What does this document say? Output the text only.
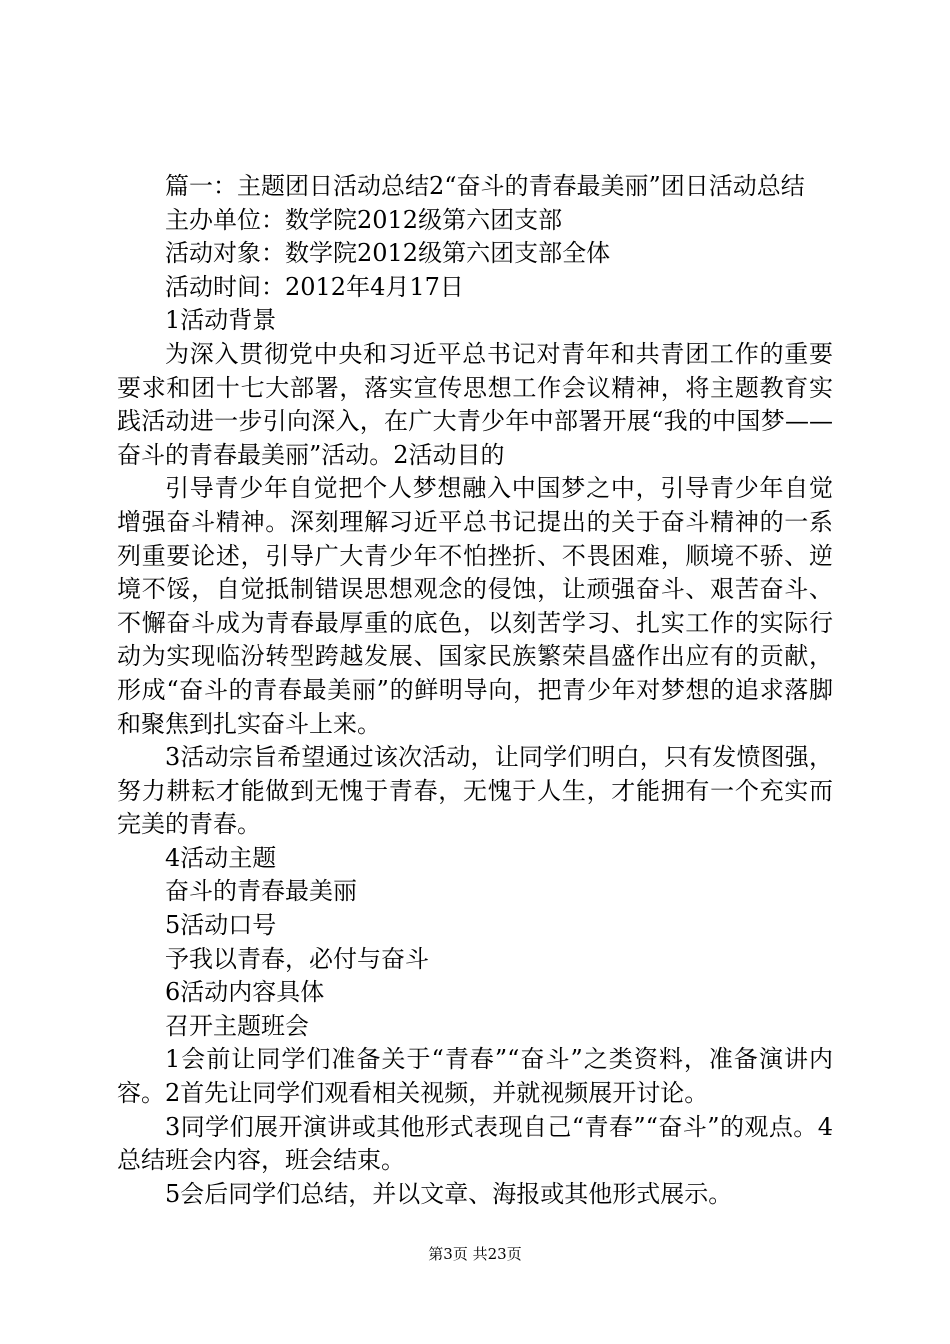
篇一：主题团日活动总结2“奋斗的青春最美丽”团日活动总结

主办单位：数学院2012级第六团支部

活动对象：数学院2012级第六团支部全体

活动时间：2012年4月17日

1活动背景

为深入贯彻党中央和习近平总书记对青年和共青团工作的重要要求和团十七大部署，落实宣传思想工作会议精神，将主题教育实践活动进一步引向深入，在广大青少年中部署开展“我的中国梦——奋斗的青春最美丽”活动。2活动目的

引导青少年自觉把个人梦想融入中国梦之中，引导青少年自觉增强奋斗精神。深刻理解习近平总书记提出的关于奋斗精神的一系列重要论述，引导广大青少年不怕挫折、不畏困难，顺境不骄、逆境不馁，自觉抵制错误思想观念的侵蚀，让顽强奋斗、艰苦奋斗、不懈奋斗成为青春最厚重的底色，以刻苦学习、扎实工作的实际行动为实现临汾转型跨越发展、国家民族繁荣昌盛作出应有的贡献，形成“奋斗的青春最美丽”的鲜明导向，把青少年对梦想的追求落脚和聚焦到扎实奋斗上来。

3活动宗旨希望通过该次活动，让同学们明白，只有发愤图强，努力耕耘才能做到无愧于青春，无愧于人生，才能拥有一个充实而完美的青春。

4活动主题

奋斗的青春最美丽

5活动口号

予我以青春，必付与奋斗

6活动内容具体

召开主题班会

1会前让同学们准备关于“青春”“奋斗”之类资料，准备演讲内容。2首先让同学们观看相关视频，并就视频展开讨论。

3同学们展开演讲或其他形式表现自己“青春”“奋斗”的观点。4总结班会内容，班会结束。

5会后同学们总结，并以文章、海报或其他形式展示。

第3页 共23页
